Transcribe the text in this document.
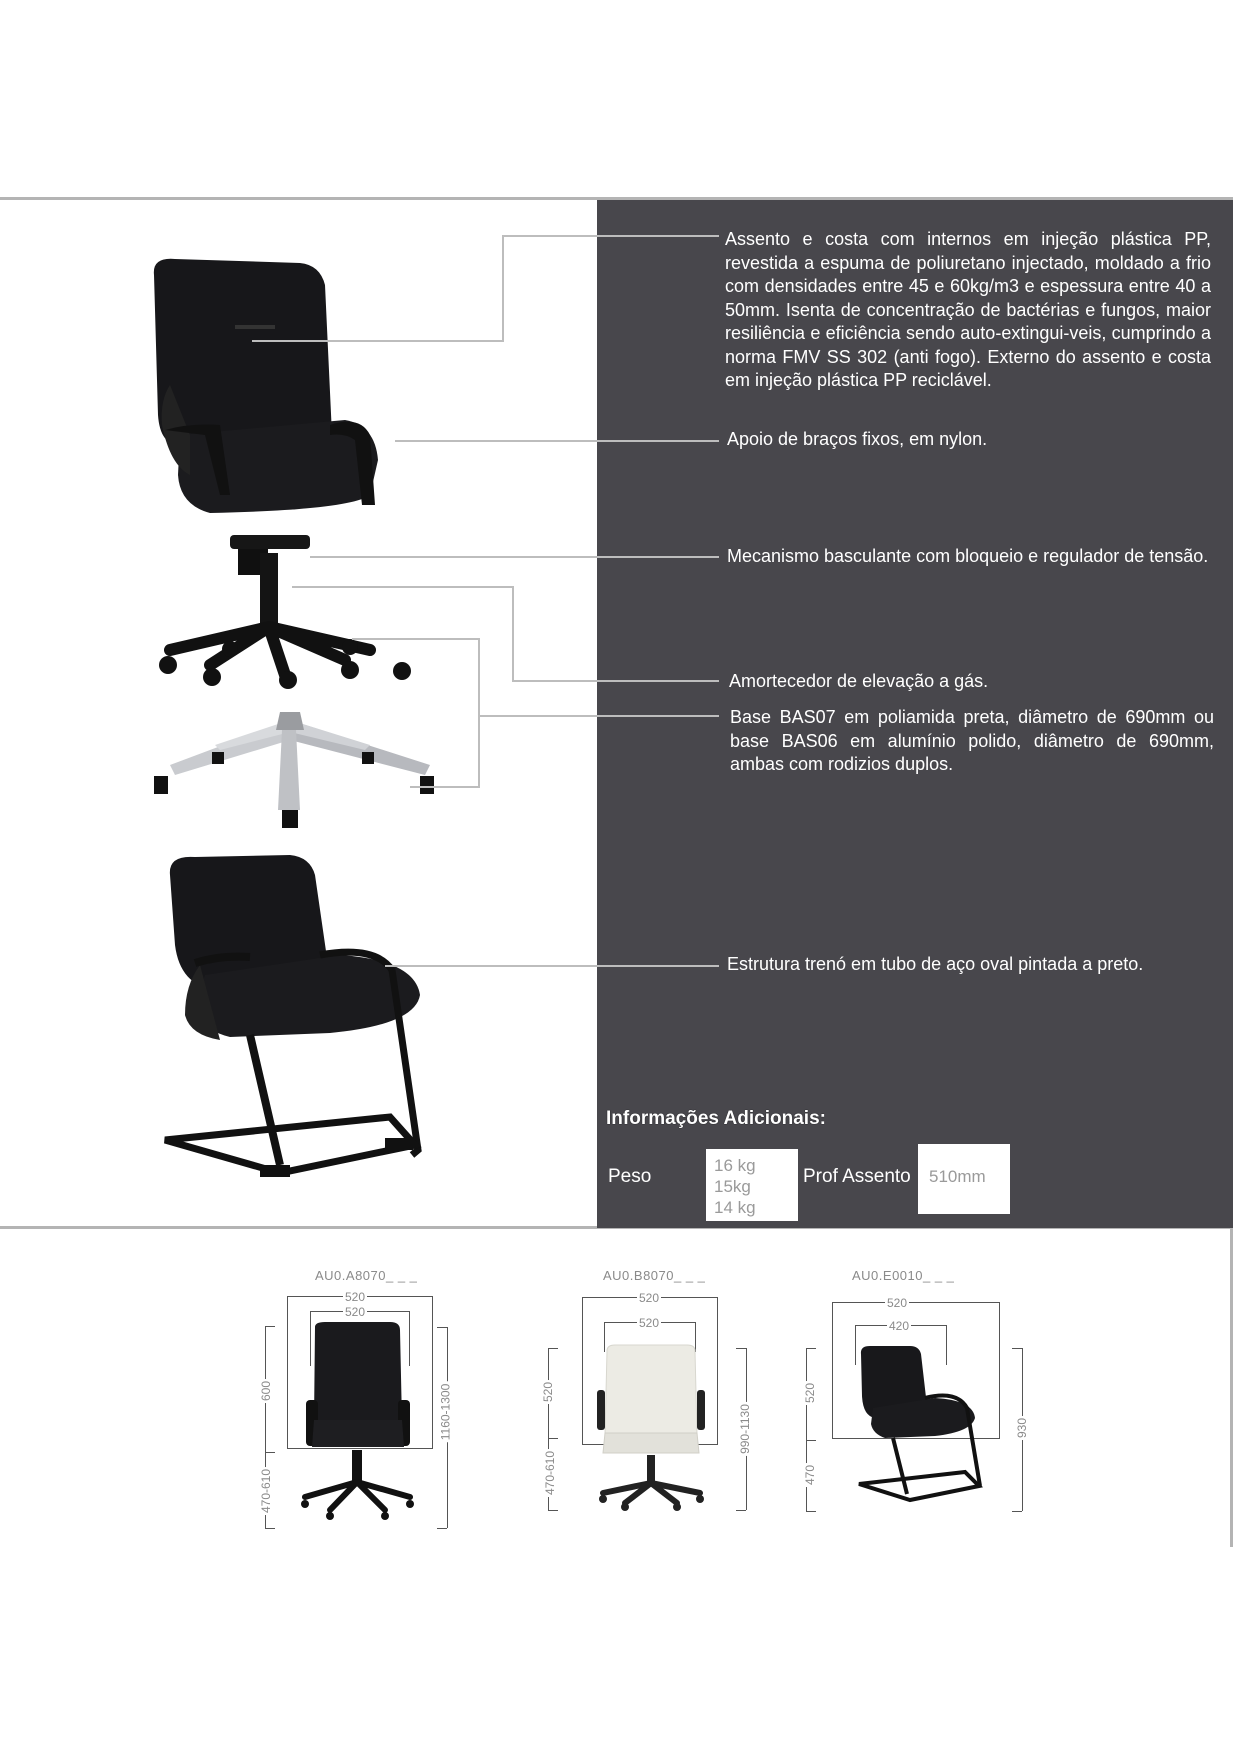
Assento e costa com internos em injeção plástica PP, revestida a espuma de poliuretano injectado, moldado a frio com densidades entre 45 e 60kg/m3 e espessura entre 40 a 50mm. Isenta de concentração de bactérias e fungos, maior resiliência e eficiência sendo auto-extingui-veis, cumprindo a norma FMV SS 302 (anti fogo). Externo do assento e costa em injeção plástica PP reciclável.
Apoio de braços fixos, em nylon.
Mecanismo basculante com bloqueio e regulador de tensão.
Amortecedor de elevação a gás.
Base BAS07 em poliamida preta, diâmetro de 690mm ou base BAS06 em alumínio polido, diâmetro de 690mm, ambas com rodizios duplos.
Estrutura trenó em tubo de aço oval pintada a preto.
Informações Adicionais:
Peso
16 kg
15kg
14 kg
Prof Assento	510mm
AU0.A8070_ _ _
520
520
600
470-610
1160-1300
AU0.B8070_ _ _
520
520
520
470-610
990-1130
AU0.E0010_ _ _
520
420
520
470
930
